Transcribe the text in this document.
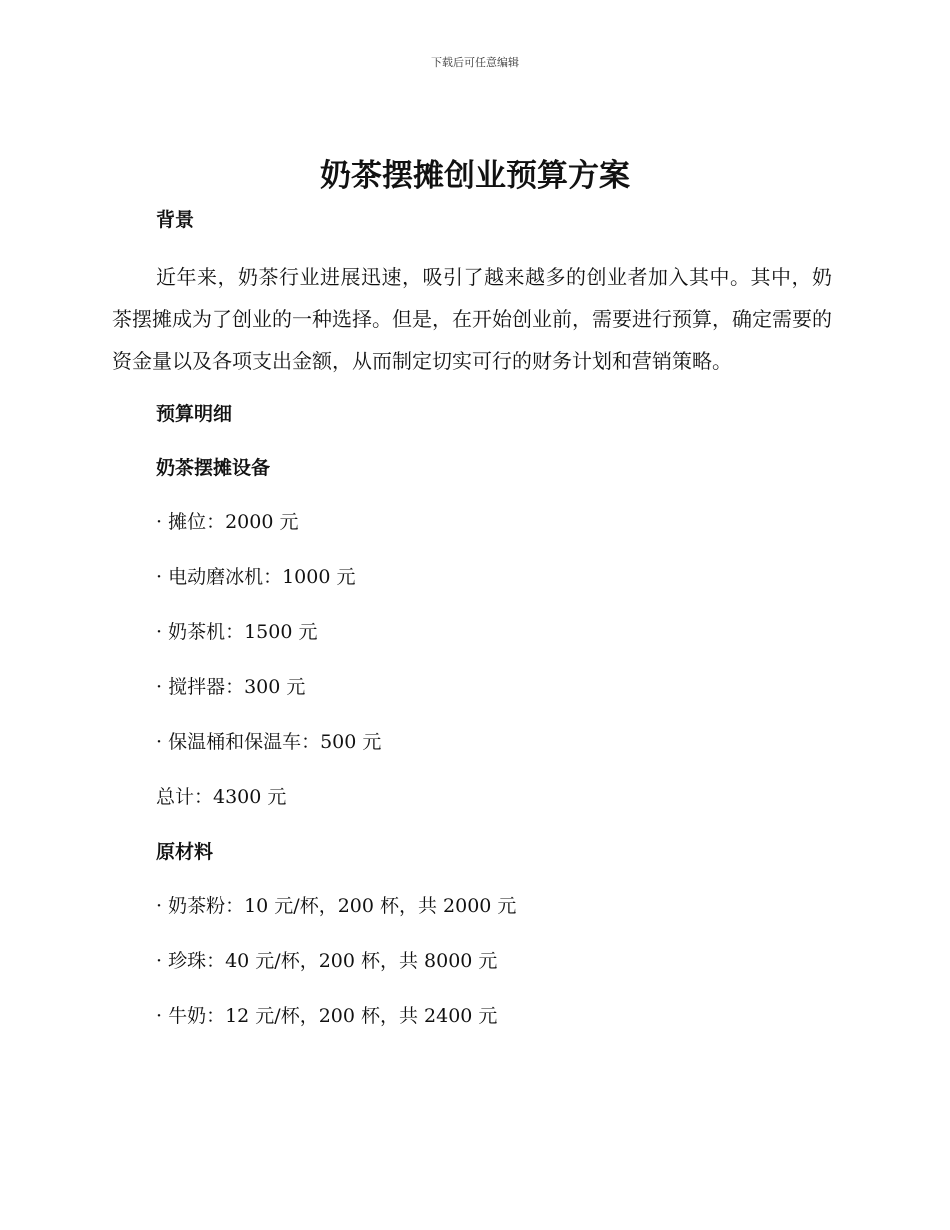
下载后可任意编辑
奶茶摆摊创业预算方案
背景

近年来，奶茶行业进展迅速，吸引了越来越多的创业者加入其中。其中，奶茶摆摊成为了创业的一种选择。但是，在开始创业前，需要进行预算，确定需要的资金量以及各项支出金额，从而制定切实可行的财务计划和营销策略。

预算明细
奶茶摆摊设备

· 摊位：2000 元

· 电动磨冰机：1000 元

· 奶茶机：1500 元

· 搅拌器：300 元

· 保温桶和保温车：500 元

总计：4300 元

原材料

· 奶茶粉：10 元/杯，200 杯，共 2000 元

· 珍珠：40 元/杯，200 杯，共 8000 元

· 牛奶：12 元/杯，200 杯，共 2400 元
